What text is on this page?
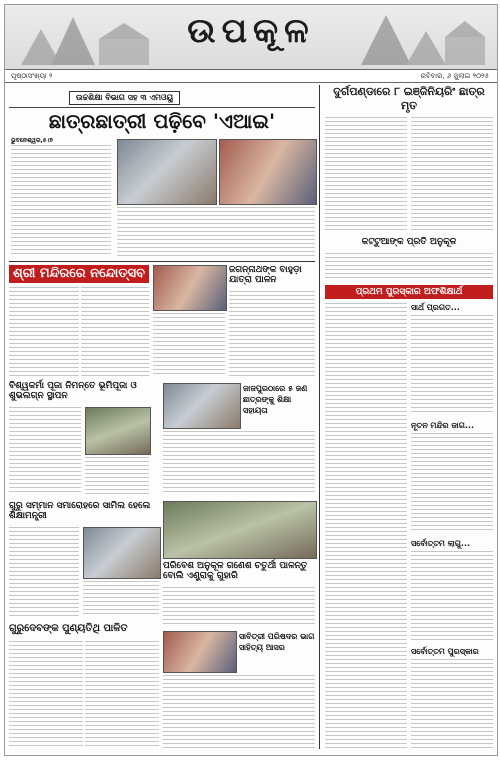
ଉପକୂଳ
ପୃଷ୍ଠାସଂଖ୍ୟା ୨	ରବିବାର, ୬ ଜୁଲାଇ ୨୦୨୫
ଉଚ୍ଚଶିକ୍ଷା ବିଭାଗ ସହ ୩ ଏମଓୟୁ
ଛାତ୍ରଛାତ୍ରୀ ପଢ଼ିବେ 'ଏଆଇ'
ଭୁବନେଶ୍ୱର,୫।୭
ଶ୍ରୀ ମନ୍ଦିରରେ ନନ୍ଦୋତ୍ସବ
ବିଶ୍ୱକର୍ମା ପୂଜା ନିମନ୍ତେ ଭୂମିପୂଜା ଓ ଶୁଭଲଗ୍ନ ସ୍ଥାପନ
ଗୁରୁ ସମ୍ମାନ ସମାରୋହରେ ସାମିଲ ହେଲେ ଶିକ୍ଷାମନ୍ତ୍ରୀ
ଗୁରୁଦେବଙ୍କ ପୁଣ୍ୟତିଥି ପାଳିତ
ଜଗନ୍ନାଥଙ୍କ ବାହୁଡ଼ା ଯାତ୍ରା ପାଳନ
ଜାଜପୁରଠାରେ ୫ ଜଣ ଛାତ୍ରଙ୍କୁ ଶିକ୍ଷା ସହାୟତା
ପରିବେଶ ଅନୁକୂଳ ଗଣେଶ ଚତୁର୍ଥୀ ପାଳନ୍ତୁ ବୋଲି ଏଣ୍ଟ୍ରାକୁ ଗୁହାରି
ସାବିତ୍ରୀ ପରିଷଦର ଭାଗ ସାହିତ୍ୟ ଆସର
ଦୁର୍ଗପଣ୍ଡାରେ ୮ ଇଞ୍ଜିନିୟରିଂ ଛାତ୍ର ମୃତ
କଟ୍ଟୁଆଙ୍କ ପ୍ରତି ଅନୁକୂଳ
ପ୍ରଥମ ପୁରସ୍କାର ଅଫଶିକ୍ଷାର୍ଥ
ସାର୍ଥ ପ୍ରଗତ...
ନୂତନ ମନ୍ଦିର ଜାଗ...
ସର୍ବୋତ୍ତମ ଲାଗୁ...
ସର୍ବୋତ୍ତମ ପୁରସ୍କାର
